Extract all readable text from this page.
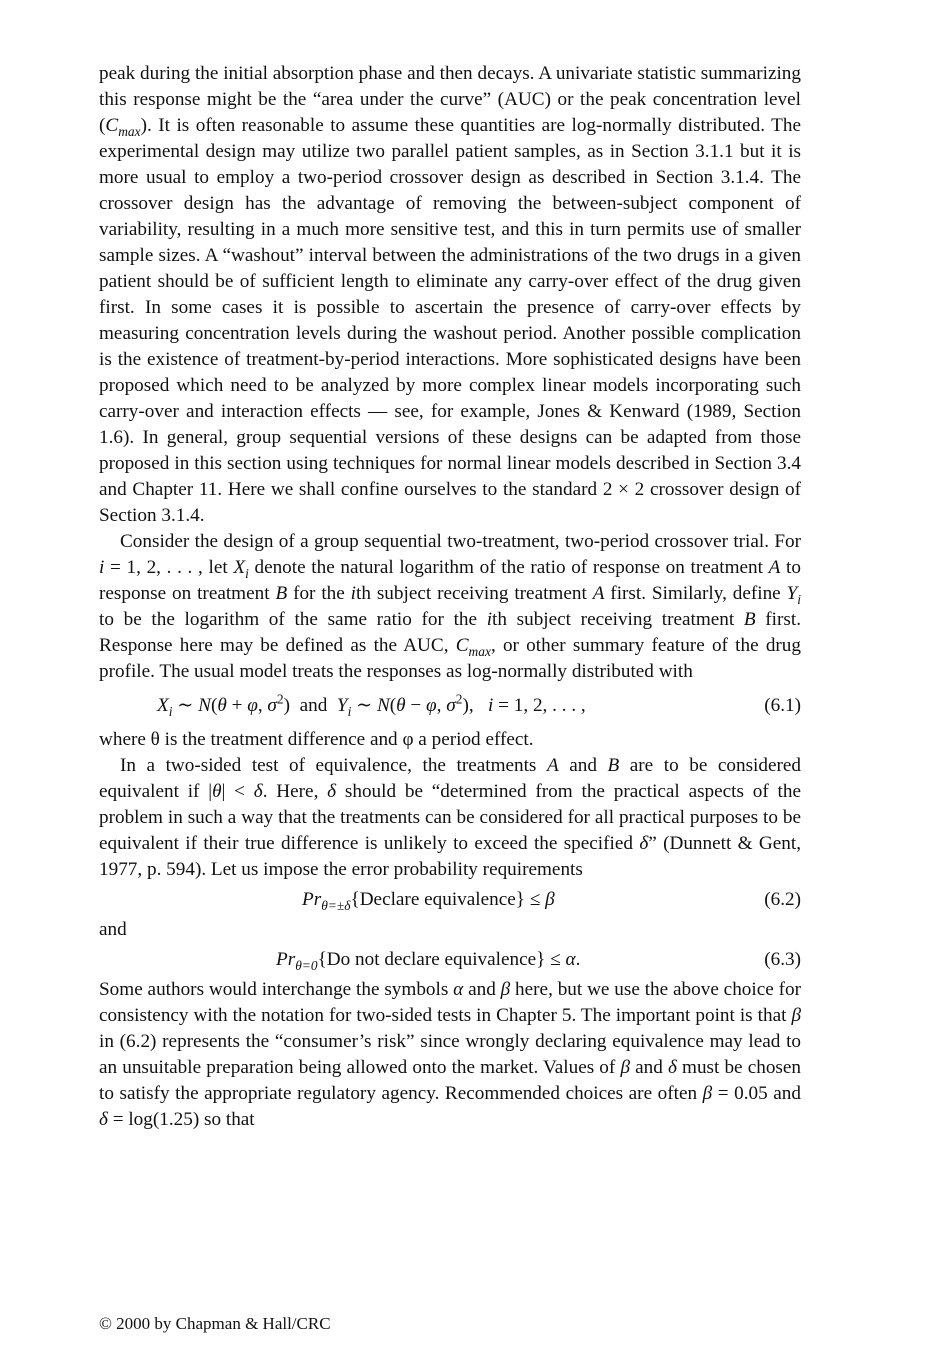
peak during the initial absorption phase and then decays. A univariate statistic summarizing this response might be the “area under the curve” (AUC) or the peak concentration level $(C_{max})$. It is often reasonable to assume these quantities are log-normally distributed. The experimental design may utilize two parallel patient samples, as in Section 3.1.1 but it is more usual to employ a two-period crossover design as described in Section 3.1.4. The crossover design has the advantage of removing the between-subject component of variability, resulting in a much more sensitive test, and this in turn permits use of smaller sample sizes. A “washout” interval between the administrations of the two drugs in a given patient should be of sufficient length to eliminate any carry-over effect of the drug given first. In some cases it is possible to ascertain the presence of carry-over effects by measuring concentration levels during the washout period. Another possible complication is the existence of treatment-by-period interactions. More sophisticated designs have been proposed which need to be analyzed by more complex linear models incorporating such carry-over and interaction effects — see, for example, Jones & Kenward (1989, Section 1.6). In general, group sequential versions of these designs can be adapted from those proposed in this section using techniques for normal linear models described in Section 3.4 and Chapter 11. Here we shall confine ourselves to the standard 2 × 2 crossover design of Section 3.1.4.

Consider the design of a group sequential two-treatment, two-period crossover trial. For i = 1, 2, . . . , let $X_i$ denote the natural logarithm of the ratio of response on treatment A to response on treatment B for the ith subject receiving treatment A first. Similarly, define $Y_i$ to be the logarithm of the same ratio for the ith subject receiving treatment B first. Response here may be defined as the AUC, $C_{max}$, or other summary feature of the drug profile. The usual model treats the responses as log-normally distributed with

$X_i$ ∼ N(θ + φ, $\sigma^2$)  and  $Y_i$ ∼ N(θ − φ, $\sigma^2$),   i = 1, 2, . . . ,	(6.1)

where θ is the treatment difference and φ a period effect.

In a two-sided test of equivalence, the treatments A and B are to be considered equivalent if |θ| < δ. Here, δ should be “determined from the practical aspects of the problem in such a way that the treatments can be considered for all practical purposes to be equivalent if their true difference is unlikely to exceed the specified δ” (Dunnett & Gent, 1977, p. 594). Let us impose the error probability requirements

$Pr_{\theta=\pm\delta}\{Declare$ equivalence} ≤ β	(6.2)

and

$Pr_{\theta=0}\{Do$ not declare equivalence} ≤ α.	(6.3)

Some authors would interchange the symbols α and β here, but we use the above choice for consistency with the notation for two-sided tests in Chapter 5. The important point is that β in (6.2) represents the “consumer’s risk” since wrongly declaring equivalence may lead to an unsuitable preparation being allowed onto the market. Values of β and δ must be chosen to satisfy the appropriate regulatory agency. Recommended choices are often β = 0.05 and δ = log(1.25) so that

© 2000 by Chapman & Hall/CRC
